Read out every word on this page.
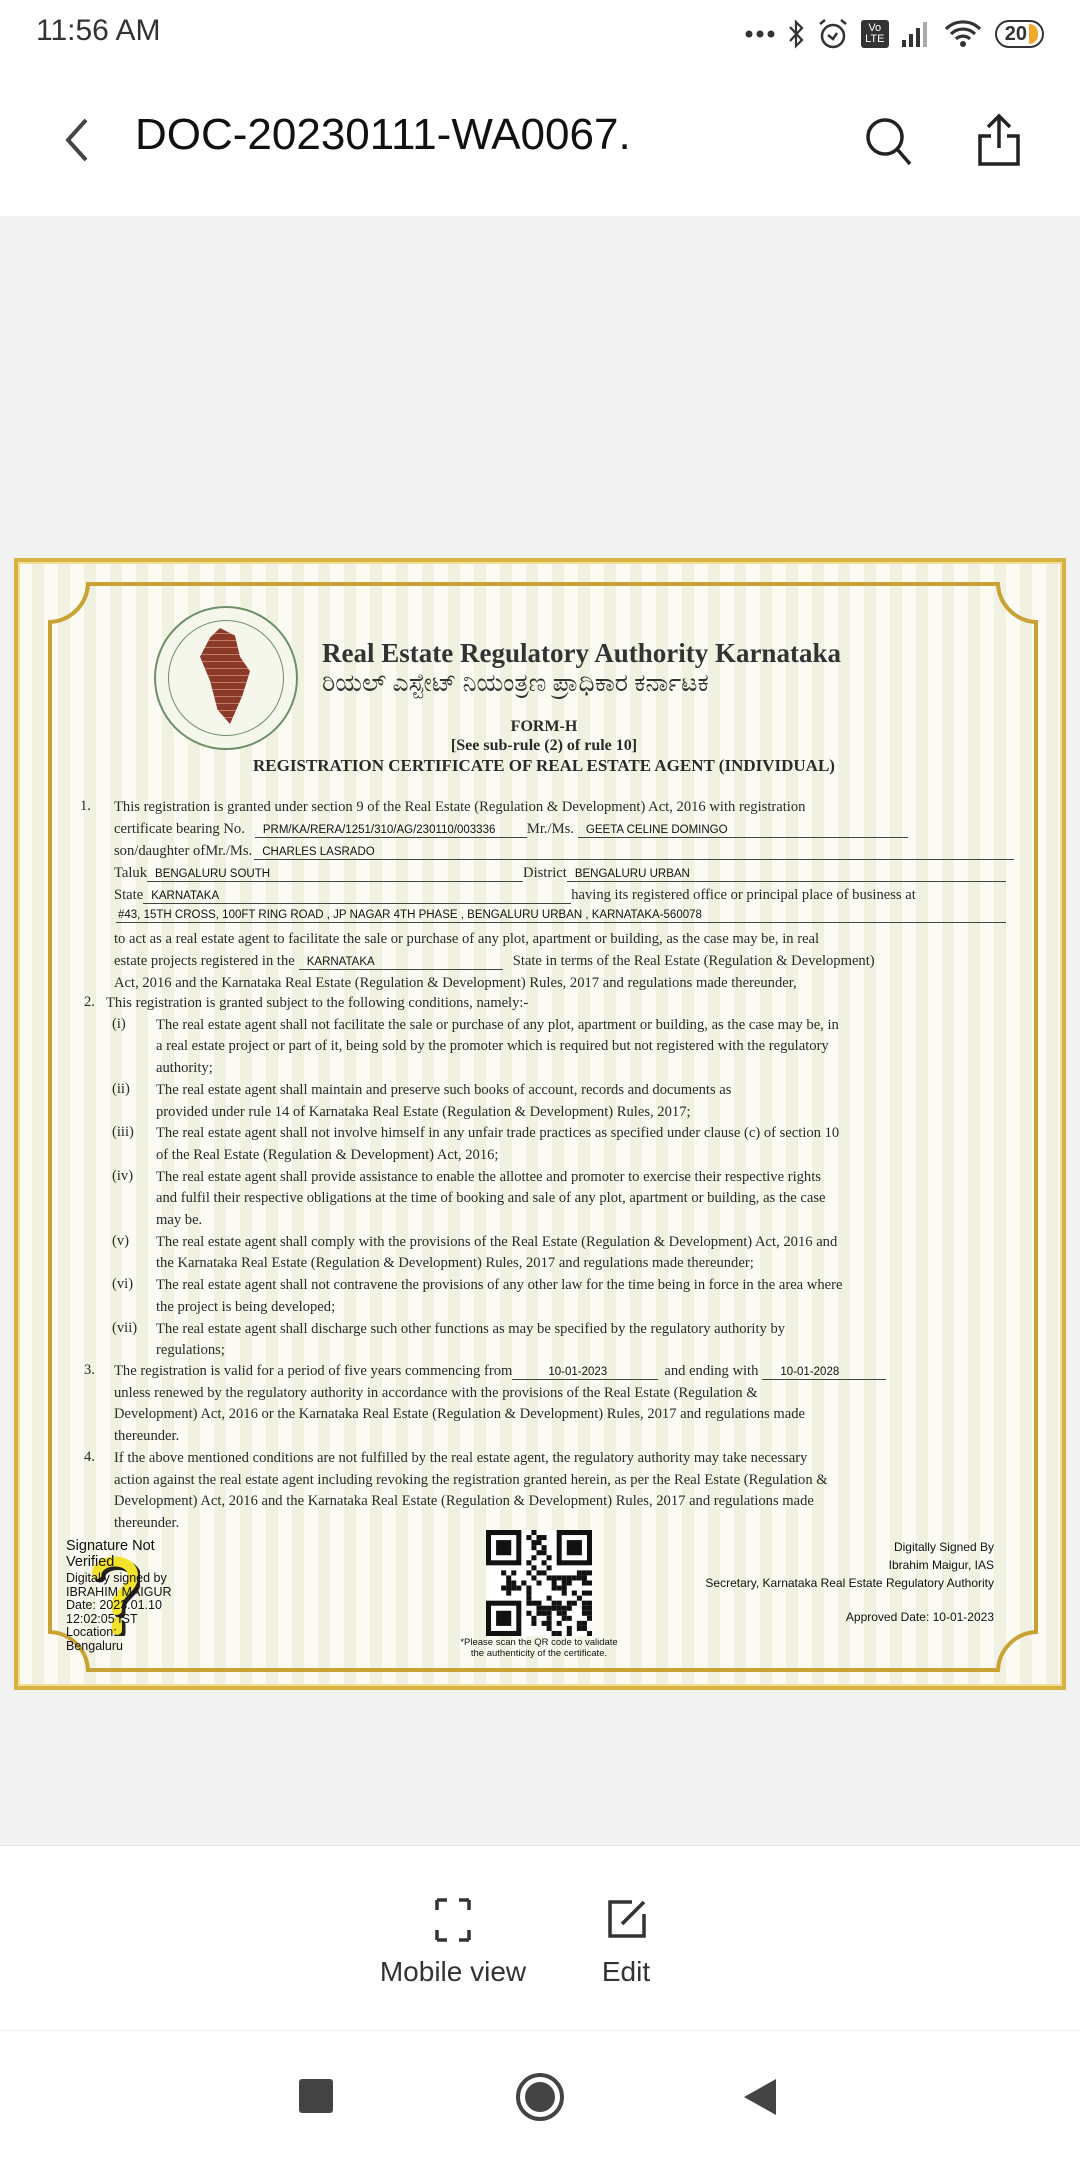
11:56 AM	Vo LTE	20
DOC-20230111-WA0067.
Real Estate Regulatory Authority Karnataka
ರಿಯಲ್ ಎಸ್ಟೇಟ್ ನಿಯಂತ್ರಣ ಪ್ರಾಧಿಕಾರ ಕರ್ನಾಟಕ
FORM-H
[See sub-rule (2) of rule 10]
REGISTRATION CERTIFICATE OF REAL ESTATE AGENT (INDIVIDUAL)
1. This registration is granted under section 9 of the Real Estate (Regulation & Development) Act, 2016 with registration
certificate bearing No.	PRM/KA/RERA/1251/310/AG/230110/003336	Mr./Ms.	GEETA CELINE DOMINGO
son/daughter ofMr./Ms. CHARLES LASRADO
Taluk BENGALURU SOUTH	District BENGALURU URBAN
State KARNATAKA	having its registered office or principal place of business at
#43, 15TH CROSS, 100FT RING ROAD , JP NAGAR 4TH PHASE , BENGALURU URBAN , KARNATAKA-560078
to act as a real estate agent to facilitate the sale or purchase of any plot, apartment or building, as the case may be, in real
estate projects registered in the	KARNATAKA	State in terms of the Real Estate (Regulation & Development)
Act, 2016 and the Karnataka Real Estate (Regulation & Development) Rules, 2017 and regulations made thereunder,
2. This registration is granted subject to the following conditions, namely:-
3. The registration is valid for a period of five years commencing from	10-01-2023	and ending with	10-01-2028
4.
Signature Not
Verified
Digitally signed by
IBRAHIM MAIGUR
Date: 2023.01.10
12:02:05 IST
Location:
Bengaluru	*Please scan the QR code to validate
the authenticity of the certificate.
Digitally Signed By
Ibrahim Maigur, IAS
Secretary, Karnataka Real Estate Regulatory Authority
Approved Date: 10-01-2023
(i) The real estate agent shall not facilitate the sale or purchase of any plot, apartment or building, as the case may be, in
a real estate project or part of it, being sold by the promoter which is required but not registered with the regulatory
authority;
(ii) The real estate agent shall maintain and preserve such books of account, records and documents as
provided under rule 14 of Karnataka Real Estate (Regulation & Development) Rules, 2017;
(iii) The real estate agent shall not involve himself in any unfair trade practices as specified under clause (c) of section 10
of the Real Estate (Regulation & Development) Act, 2016;
(iv) The real estate agent shall provide assistance to enable the allottee and promoter to exercise their respective rights
and fulfil their respective obligations at the time of booking and sale of any plot, apartment or building, as the case
may be.
(v) The real estate agent shall comply with the provisions of the Real Estate (Regulation & Development) Act, 2016 and
the Karnataka Real Estate (Regulation & Development) Rules, 2017 and regulations made thereunder;
(vi) The real estate agent shall not contravene the provisions of any other law for the time being in force in the area where
the project is being developed;
(vii) The real estate agent shall discharge such other functions as may be specified by the regulatory authority by
regulations;
unless renewed by the regulatory authority in accordance with the provisions of the Real Estate (Regulation &
Development) Act, 2016 or the Karnataka Real Estate (Regulation & Development) Rules, 2017 and regulations made
thereunder.
If the above mentioned conditions are not fulfilled by the real estate agent, the regulatory authority may take necessary
action against the real estate agent including revoking the registration granted herein, as per the Real Estate (Regulation &
Development) Act, 2016 and the Karnataka Real Estate (Regulation & Development) Rules, 2017 and regulations made
thereunder.
Mobile view	Edit
